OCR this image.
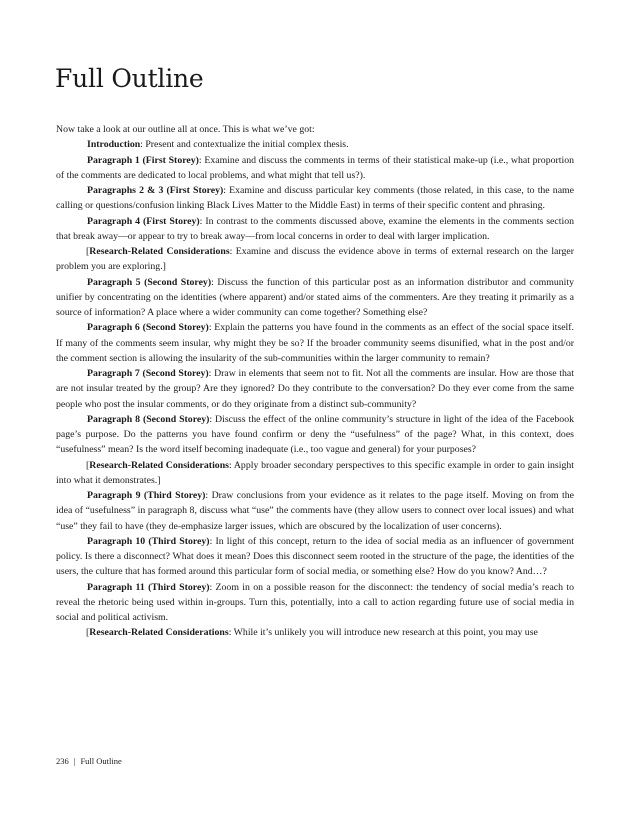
Full Outline

Now take a look at our outline all at once. This is what we’ve got:

Introduction: Present and contextualize the initial complex thesis.

Paragraph 1 (First Storey): Examine and discuss the comments in terms of their statistical make-up (i.e., what proportion of the comments are dedicated to local problems, and what might that tell us?).

Paragraphs 2 & 3 (First Storey): Examine and discuss particular key comments (those related, in this case, to the name calling or questions/confusion linking Black Lives Matter to the Middle East) in terms of their specific content and phrasing.

Paragraph 4 (First Storey): In contrast to the comments discussed above, examine the elements in the comments section that break away—or appear to try to break away—from local concerns in order to deal with larger implication.

[Research-Related Considerations: Examine and discuss the evidence above in terms of external research on the larger problem you are exploring.]

Paragraph 5 (Second Storey): Discuss the function of this particular post as an information distributor and community unifier by concentrating on the identities (where apparent) and/or stated aims of the commenters. Are they treating it primarily as a source of information? A place where a wider community can come together? Something else?

Paragraph 6 (Second Storey): Explain the patterns you have found in the comments as an effect of the social space itself. If many of the comments seem insular, why might they be so? If the broader community seems disunified, what in the post and/or the comment section is allowing the insularity of the sub-communities within the larger community to remain?

Paragraph 7 (Second Storey): Draw in elements that seem not to fit. Not all the comments are insular. How are those that are not insular treated by the group? Are they ignored? Do they contribute to the conversation? Do they ever come from the same people who post the insular comments, or do they originate from a distinct sub-community?

Paragraph 8 (Second Storey): Discuss the effect of the online community’s structure in light of the idea of the Facebook page’s purpose. Do the patterns you have found confirm or deny the “usefulness” of the page? What, in this context, does “usefulness” mean? Is the word itself becoming inadequate (i.e., too vague and general) for your purposes?

[Research-Related Considerations: Apply broader secondary perspectives to this specific example in order to gain insight into what it demonstrates.]

Paragraph 9 (Third Storey): Draw conclusions from your evidence as it relates to the page itself. Moving on from the idea of “usefulness” in paragraph 8, discuss what “use” the comments have (they allow users to connect over local issues) and what “use” they fail to have (they de-emphasize larger issues, which are obscured by the localization of user concerns).

Paragraph 10 (Third Storey): In light of this concept, return to the idea of social media as an influencer of government policy. Is there a disconnect? What does it mean? Does this disconnect seem rooted in the structure of the page, the identities of the users, the culture that has formed around this particular form of social media, or something else? How do you know? And…?

Paragraph 11 (Third Storey): Zoom in on a possible reason for the disconnect: the tendency of social media’s reach to reveal the rhetoric being used within in-groups. Turn this, potentially, into a call to action regarding future use of social media in social and political activism.

[Research-Related Considerations: While it’s unlikely you will introduce new research at this point, you may use

236 | Full Outline
